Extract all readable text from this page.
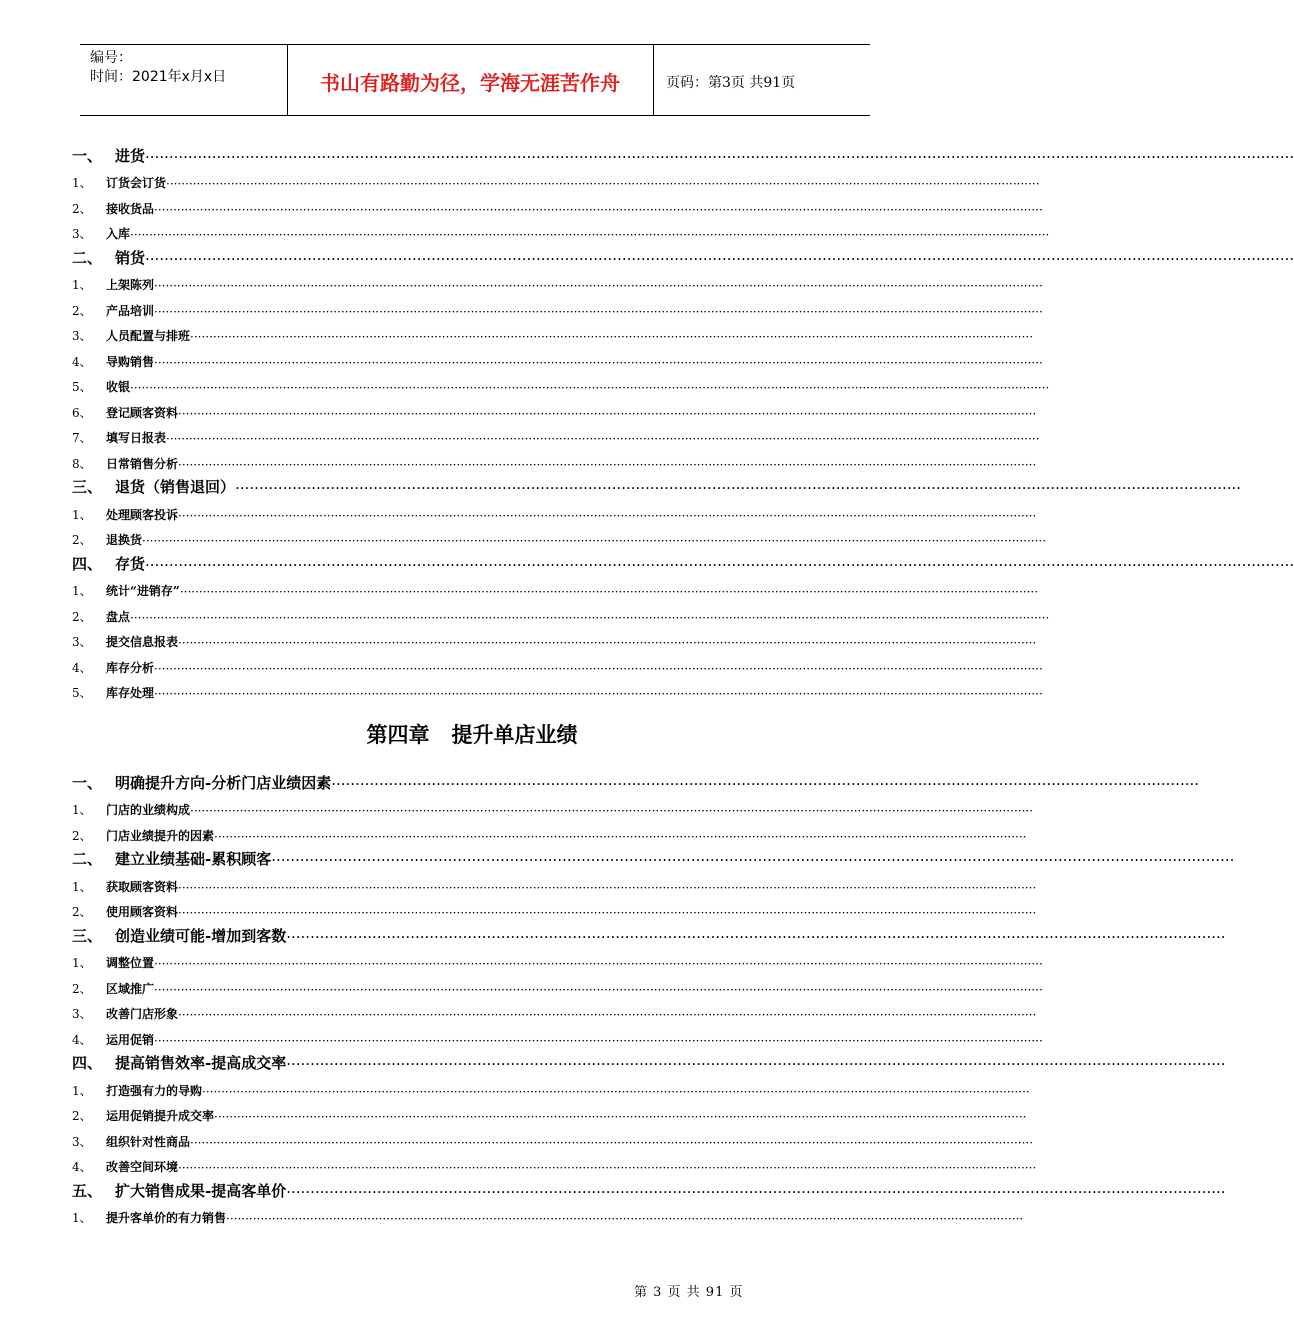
编号：
时间：2021年x月x日	书山有路勤为径，学海无涯苦作舟	页码：第3页 共91页
一、 进货 ·················································································································································································································································
1、	订货会订货 ·····································································································································································································································
2、	接收货品 ·········································································································································································································································
3、	入库 ·················································································································································································································································
二、 销货 ·················································································································································································································································
1、	上架陈列 ·········································································································································································································································
2、	产品培训 ·········································································································································································································································
3、	人员配置与排班 ·····························································································································································································································
4、	导购销售 ·········································································································································································································································
5、	收银 ·················································································································································································································································
6、	登记顾客资料 ·································································································································································································································
7、	填写日报表 ·····································································································································································································································
8、	日常销售分析 ·································································································································································································································
三、 退货（销售退回） ···················································································································································································································
1、	处理顾客投诉 ·································································································································································································································
2、	退换货 ·············································································································································································································································
四、 存货 ·················································································································································································································································
1、	统计“进销存” ·································································································································································································································
2、	盘点 ·················································································································································································································································
3、	提交信息报表 ·································································································································································································································
4、	库存分析 ·········································································································································································································································
5、	库存处理 ·········································································································································································································································
第四章 提升单店业绩
一、 明确提升方向-分析门店业绩因素 ······················································································································································································
1、	门店的业绩构成 ·····························································································································································································································
2、	门店业绩提升的因素 ·····················································································································································································································
二、 建立业绩基础-累积顾客 ··········································································································································································································
1、	获取顾客资料 ·································································································································································································································
2、	使用顾客资料 ·································································································································································································································
三、 创造业绩可能-增加到客数 ·····································································································································································································
1、	调整位置 ·········································································································································································································································
2、	区域推广 ·········································································································································································································································
3、	改善门店形象 ·································································································································································································································
4、	运用促销 ·········································································································································································································································
四、 提高销售效率-提高成交率 ·····································································································································································································
1、	打造强有力的导购 ·························································································································································································································
2、	运用促销提升成交率 ·····················································································································································································································
3、	组织针对性商品 ·····························································································································································································································
4、	改善空间环境 ·································································································································································································································
五、 扩大销售成果-提高客单价 ·····································································································································································································
1、	提升客单价的有力销售 ·················································································································································································································
第 3 页 共 91 页
